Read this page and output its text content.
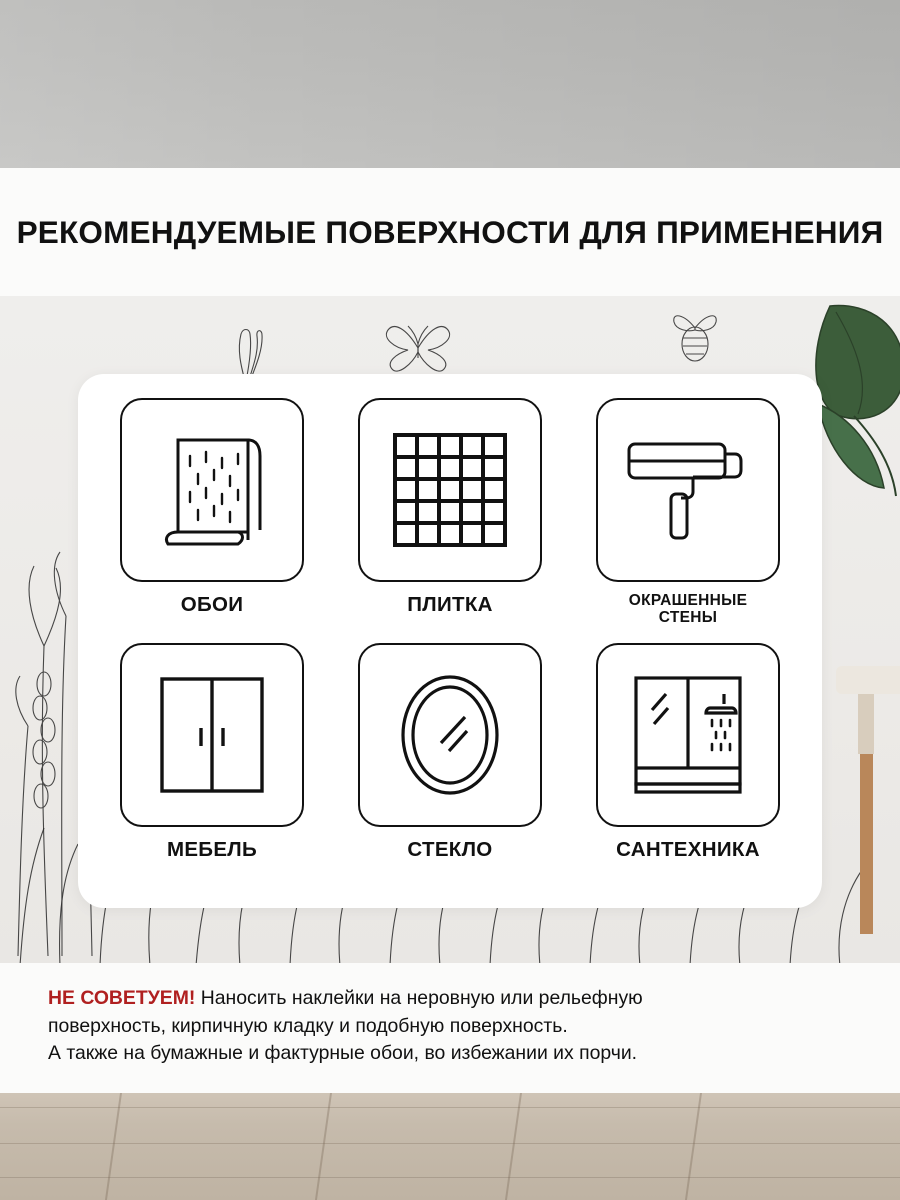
РЕКОМЕНДУЕМЫЕ ПОВЕРХНОСТИ ДЛЯ ПРИМЕНЕНИЯ
ОБОИ	ПЛИТКА	ОКРАШЕННЫЕ
СТЕНЫ
МЕБЕЛЬ	СТЕКЛО	САНТЕХНИКА
НЕ СОВЕТУЕМ! Наносить наклейки на неровную или рельефную
поверхность, кирпичную кладку и подобную поверхность.
А также на бумажные и фактурные обои, во избежании их порчи.
